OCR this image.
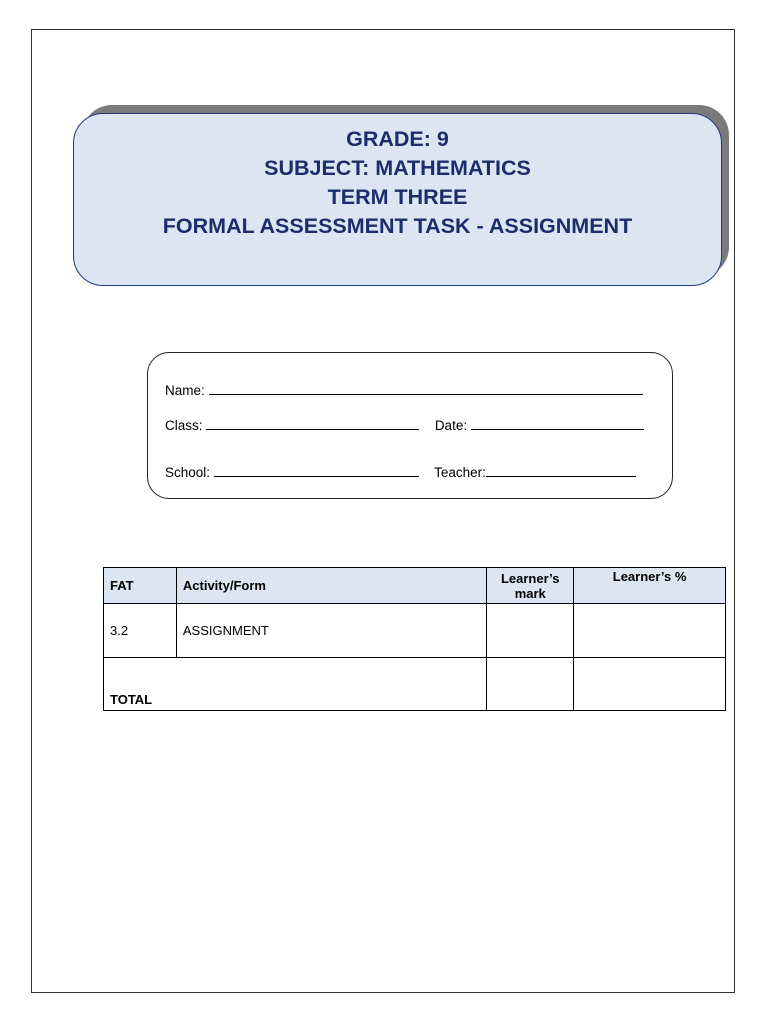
GRADE: 9
SUBJECT: MATHEMATICS
TERM THREE
FORMAL ASSESSMENT TASK - ASSIGNMENT
Name:
Class:	Date:
School:	Teacher:
FAT	Activity/Form	Learner’s mark	Learner’s %
3.2	ASSIGNMENT		
TOTAL			
